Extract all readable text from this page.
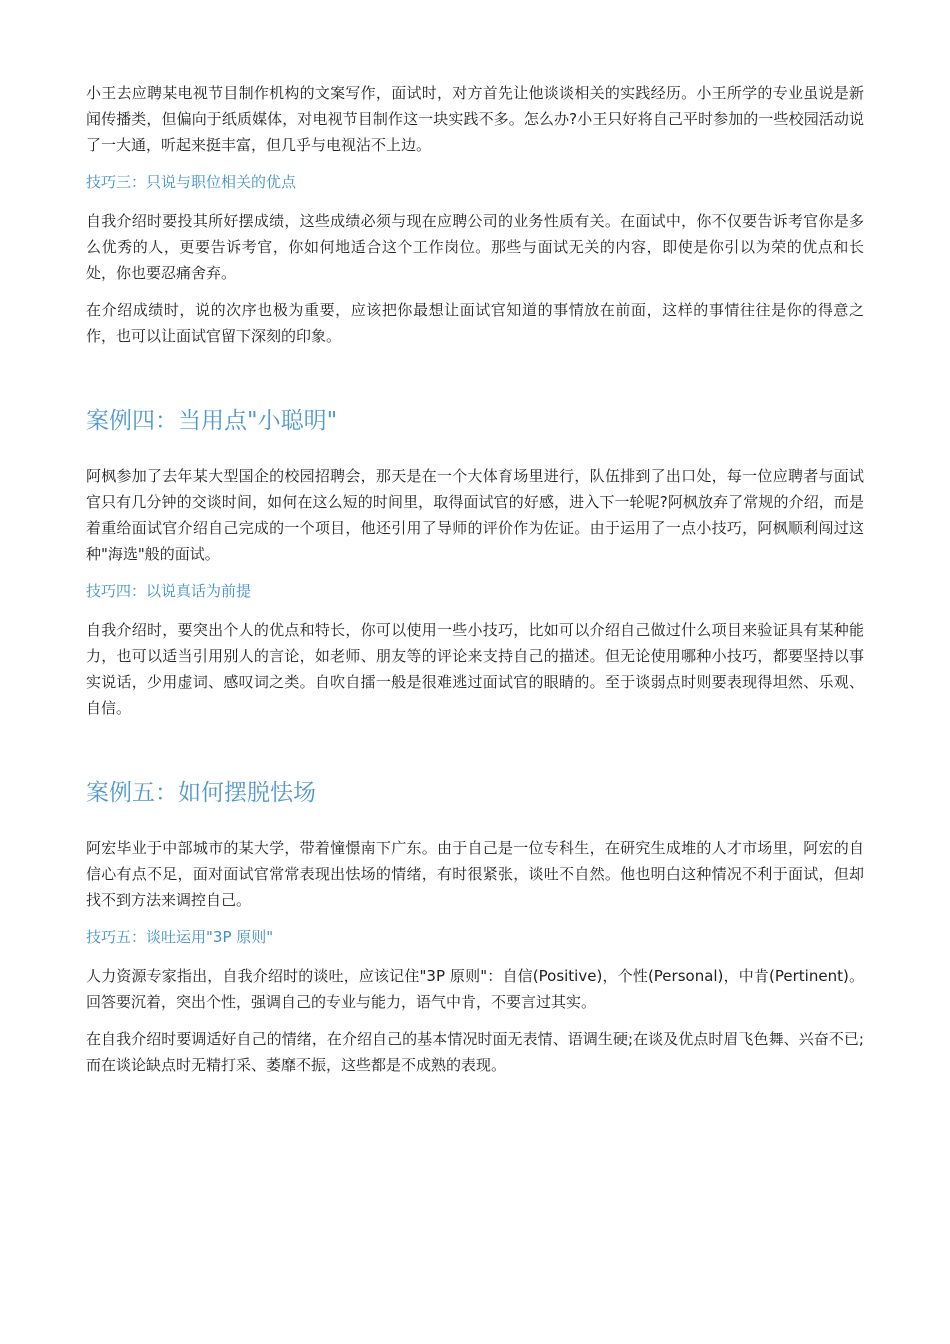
小王去应聘某电视节目制作机构的文案写作，面试时，对方首先让他谈谈相关的实践经历。小王所学的专业虽说是新闻传播类，但偏向于纸质媒体，对电视节目制作这一块实践不多。怎么办?小王只好将自己平时参加的一些校园活动说了一大通，听起来挺丰富，但几乎与电视沾不上边。

技巧三：只说与职位相关的优点

自我介绍时要投其所好摆成绩，这些成绩必须与现在应聘公司的业务性质有关。在面试中，你不仅要告诉考官你是多么优秀的人，更要告诉考官，你如何地适合这个工作岗位。那些与面试无关的内容，即使是你引以为荣的优点和长处，你也要忍痛舍弃。

在介绍成绩时，说的次序也极为重要，应该把你最想让面试官知道的事情放在前面，这样的事情往往是你的得意之作，也可以让面试官留下深刻的印象。

案例四：当用点"小聪明"

阿枫参加了去年某大型国企的校园招聘会，那天是在一个大体育场里进行，队伍排到了出口处，每一位应聘者与面试官只有几分钟的交谈时间，如何在这么短的时间里，取得面试官的好感，进入下一轮呢?阿枫放弃了常规的介绍，而是着重给面试官介绍自己完成的一个项目，他还引用了导师的评价作为佐证。由于运用了一点小技巧，阿枫顺利闯过这种"海选"般的面试。

技巧四：以说真话为前提

自我介绍时，要突出个人的优点和特长，你可以使用一些小技巧，比如可以介绍自己做过什么项目来验证具有某种能力，也可以适当引用别人的言论，如老师、朋友等的评论来支持自己的描述。但无论使用哪种小技巧，都要坚持以事实说话，少用虚词、感叹词之类。自吹自擂一般是很难逃过面试官的眼睛的。至于谈弱点时则要表现得坦然、乐观、自信。

案例五：如何摆脱怯场

阿宏毕业于中部城市的某大学，带着憧憬南下广东。由于自己是一位专科生，在研究生成堆的人才市场里，阿宏的自信心有点不足，面对面试官常常表现出怯场的情绪，有时很紧张，谈吐不自然。他也明白这种情况不利于面试，但却找不到方法来调控自己。

技巧五：谈吐运用"3P 原则"

人力资源专家指出，自我介绍时的谈吐，应该记住"3P 原则"：自信(Positive)，个性(Personal)，中肯(Pertinent)。回答要沉着，突出个性，强调自己的专业与能力，语气中肯，不要言过其实。

在自我介绍时要调适好自己的情绪，在介绍自己的基本情况时面无表情、语调生硬;在谈及优点时眉飞色舞、兴奋不已;而在谈论缺点时无精打采、萎靡不振，这些都是不成熟的表现。
